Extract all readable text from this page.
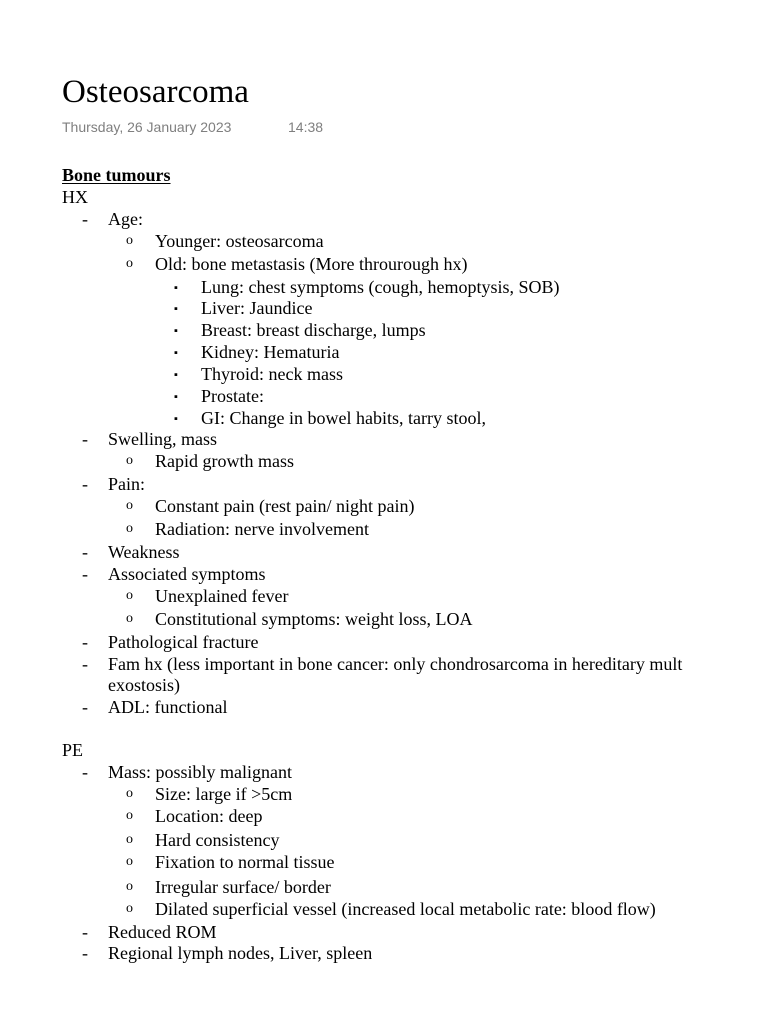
Osteosarcoma
Thursday, 26 January 2023	14:38
Bone tumours
HX
- Age:
o Younger: osteosarcoma
o Old: bone metastasis (More throurough hx)
▪ Lung: chest symptoms (cough, hemoptysis, SOB)
▪ Liver: Jaundice
▪ Breast: breast discharge, lumps
▪ Kidney: Hematuria
▪ Thyroid: neck mass
▪ Prostate:
▪ GI: Change in bowel habits, tarry stool,
- Swelling, mass
o Rapid growth mass
- Pain:
o Constant pain (rest pain/ night pain)
o Radiation: nerve involvement
- Weakness
- Associated symptoms
o Unexplained fever
o Constitutional symptoms: weight loss, LOA
- Pathological fracture
- Fam hx (less important in bone cancer: only chondrosarcoma in hereditary mult
exostosis)
- ADL: functional
PE
- Mass: possibly malignant
o Size: large if >5cm
o Location: deep
o Hard consistency
o Fixation to normal tissue
o Irregular surface/ border
o Dilated superficial vessel (increased local metabolic rate: blood flow)
- Reduced ROM
- Regional lymph nodes, Liver, spleen
